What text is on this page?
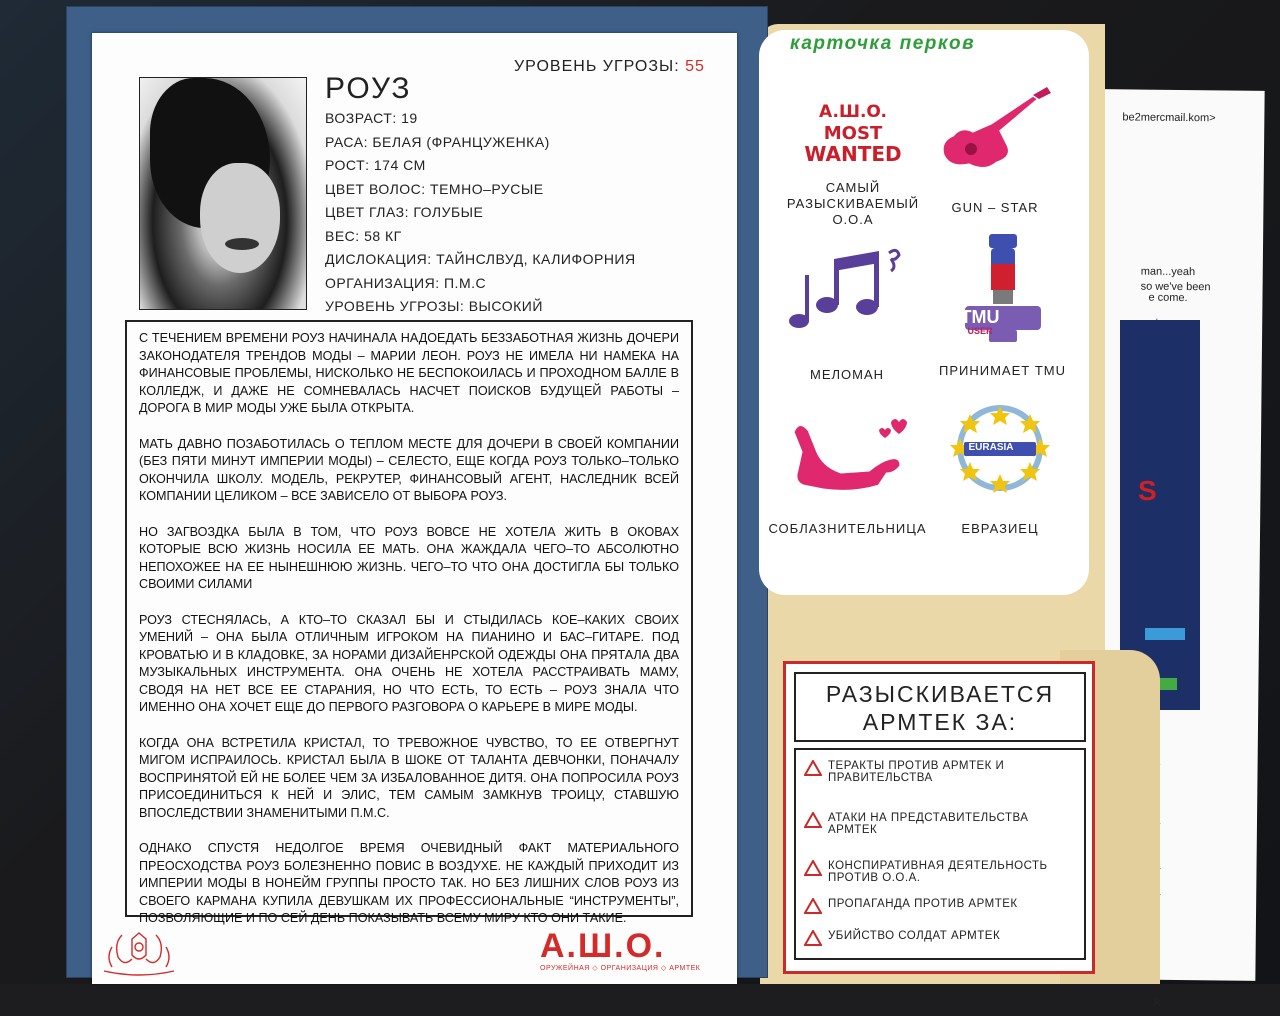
be2mercmail.kom>
man...yeah
so we've been
e come.
S
R
УРОВЕНЬ УГРОЗЫ: 55
РОУЗ
ВОЗРАСТ: 19
РАСА: БЕЛАЯ (ФРАНЦУЖЕНКА)
РОСТ: 174 СМ
ЦВЕТ ВОЛОС: ТЕМНО–РУСЫЕ
ЦВЕТ ГЛАЗ: ГОЛУБЫЕ
ВЕС: 58 КГ
ДИСЛОКАЦИЯ: ТАЙНСЛВУД, КАЛИФОРНИЯ
ОРГАНИЗАЦИЯ: П.М.С
УРОВЕНЬ УГРОЗЫ: ВЫСОКИЙ

С ТЕЧЕНИЕМ ВРЕМЕНИ РОУЗ НАЧИНАЛА НАДОЕДАТЬ БЕЗЗАБОТНАЯ ЖИЗНЬ ДОЧЕРИ ЗАКОНОДАТЕЛЯ ТРЕНДОВ МОДЫ – МАРИИ ЛЕОН. РОУЗ НЕ ИМЕЛА НИ НАМЕКА НА ФИНАНСОВЫЕ ПРОБЛЕМЫ, НИСКОЛЬКО НЕ БЕСПОКОИЛАСЬ И ПРОХОДНОМ БАЛЛЕ В КОЛЛЕДЖ, И ДАЖЕ НЕ СОМНЕВАЛАСЬ НАСЧЕТ ПОИСКОВ БУДУЩЕЙ РАБОТЫ – ДОРОГА В МИР МОДЫ УЖЕ БЫЛА ОТКРЫТА.

МАТЬ ДАВНО ПОЗАБОТИЛАСЬ О ТЕПЛОМ МЕСТЕ ДЛЯ ДОЧЕРИ В СВОЕЙ КОМПАНИИ (БЕЗ ПЯТИ МИНУТ ИМПЕРИИ МОДЫ) – СЕЛЕСТО, ЕЩЕ КОГДА РОУЗ ТОЛЬКО–ТОЛЬКО ОКОНЧИЛА ШКОЛУ. МОДЕЛЬ, РЕКРУТЕР, ФИНАНСОВЫЙ АГЕНТ, НАСЛЕДНИК ВСЕЙ КОМПАНИИ ЦЕЛИКОМ – ВСЕ ЗАВИСЕЛО ОТ ВЫБОРА РОУЗ.

НО ЗАГВОЗДКА БЫЛА В ТОМ, ЧТО РОУЗ ВОВСЕ НЕ ХОТЕЛА ЖИТЬ В ОКОВАХ КОТОРЫЕ ВСЮ ЖИЗНЬ НОСИЛА ЕЕ МАТЬ. ОНА ЖАЖДАЛА ЧЕГО–ТО АБСОЛЮТНО НЕПОХОЖЕЕ НА ЕЕ НЫНЕШНЮЮ ЖИЗНЬ. ЧЕГО–ТО ЧТО ОНА ДОСТИГЛА БЫ ТОЛЬКО СВОИМИ СИЛАМИ

РОУЗ СТЕСНЯЛАСЬ, А КТО–ТО СКАЗАЛ БЫ И СТЫДИЛАСЬ КОЕ–КАКИХ СВОИХ УМЕНИЙ – ОНА БЫЛА ОТЛИЧНЫМ ИГРОКОМ НА ПИАНИНО И БАС–ГИТАРЕ. ПОД КРОВАТЬЮ И В КЛАДОВКЕ, ЗА НОРАМИ ДИЗАЙЕНРСКОЙ ОДЕЖДЫ ОНА ПРЯТАЛА ДВА МУЗЫКАЛЬНЫХ ИНСТРУМЕНТА. ОНА ОЧЕНЬ НЕ ХОТЕЛА РАССТРАИВАТЬ МАМУ, СВОДЯ НА НЕТ ВСЕ ЕЕ СТАРАНИЯ, НО ЧТО ЕСТЬ, ТО ЕСТЬ – РОУЗ ЗНАЛА ЧТО ИМЕННО ОНА ХОЧЕТ ЕЩЕ ДО ПЕРВОГО РАЗГОВОРА О КАРЬЕРЕ В МИРЕ МОДЫ.

КОГДА ОНА ВСТРЕТИЛА КРИСТАЛ, ТО ТРЕВОЖНОЕ ЧУВСТВО, ТО ЕЕ ОТВЕРГНУТ МИГОМ ИСПРАИЛОСЬ. КРИСТАЛ БЫЛА В ШОКЕ ОТ ТАЛАНТА ДЕВЧОНКИ, ПОНАЧАЛУ ВОСПРИНЯТОЙ ЕЙ НЕ БОЛЕЕ ЧЕМ ЗА ИЗБАЛОВАННОЕ ДИТЯ. ОНА ПОПРОСИЛА РОУЗ ПРИСОЕДИНИТЬСЯ К НЕЙ И ЭЛИС, ТЕМ САМЫМ ЗАМКНУВ ТРОИЦУ, СТАВШУЮ ВПОСЛЕДСТВИИ ЗНАМЕНИТЫМИ П.М.С.

ОДНАКО СПУСТЯ НЕДОЛГОЕ ВРЕМЯ ОЧЕВИДНЫЙ ФАКТ МАТЕРИАЛЬНОГО ПРЕОСХОДСТВА РОУЗ БОЛЕЗНЕННО ПОВИС В ВОЗДУХЕ. НЕ КАЖДЫЙ ПРИХОДИТ ИЗ ИМПЕРИИ МОДЫ В НОНЕЙМ ГРУППЫ ПРОСТО ТАК. НО БЕЗ ЛИШНИХ СЛОВ РОУЗ ИЗ СВОЕГО КАРМАНА КУПИЛА ДЕВУШКАМ ИХ ПРОФЕССИОНАЛЬНЫЕ “ИНСТРУМЕНТЫ”, ПОЗВОЛЯЮЩИЕ И ПО СЕЙ ДЕНЬ ПОКАЗЫВАТЬ ВСЕМУ МИРУ КТО ОНИ ТАКИЕ.

А.Ш.О.
ОРУЖЕЙНАЯ ◇ ОРГАНИЗАЦИЯ ◇ АРМТЕК
карточка перков
A.Ш.O.
MOST
WANTED
САМЫЙ
РАЗЫСКИВАЕМЫЙ
О.О.А
GUN – STAR
МЕЛОМАН
TMU
USER
ПРИНИМАЕТ TMU
СОБЛАЗНИТЕЛЬНИЦА
EURASIA
ЕВРАЗИЕЦ
РАЗЫСКИВАЕТСЯ
АРМТЕК ЗА:
ТЕРАКТЫ ПРОТИВ АРМТЕК И ПРАВИТЕЛЬСТВА
АТАКИ НА ПРЕДСТАВИТЕЛЬСТВА АРМТЕК
КОНСПИРАТИВНАЯ ДЕЯТЕЛЬНОСТЬ ПРОТИВ О.О.А.
ПРОПАГАНДА ПРОТИВ АРМТЕК
УБИЙСТВО СОЛДАТ АРМТЕК
